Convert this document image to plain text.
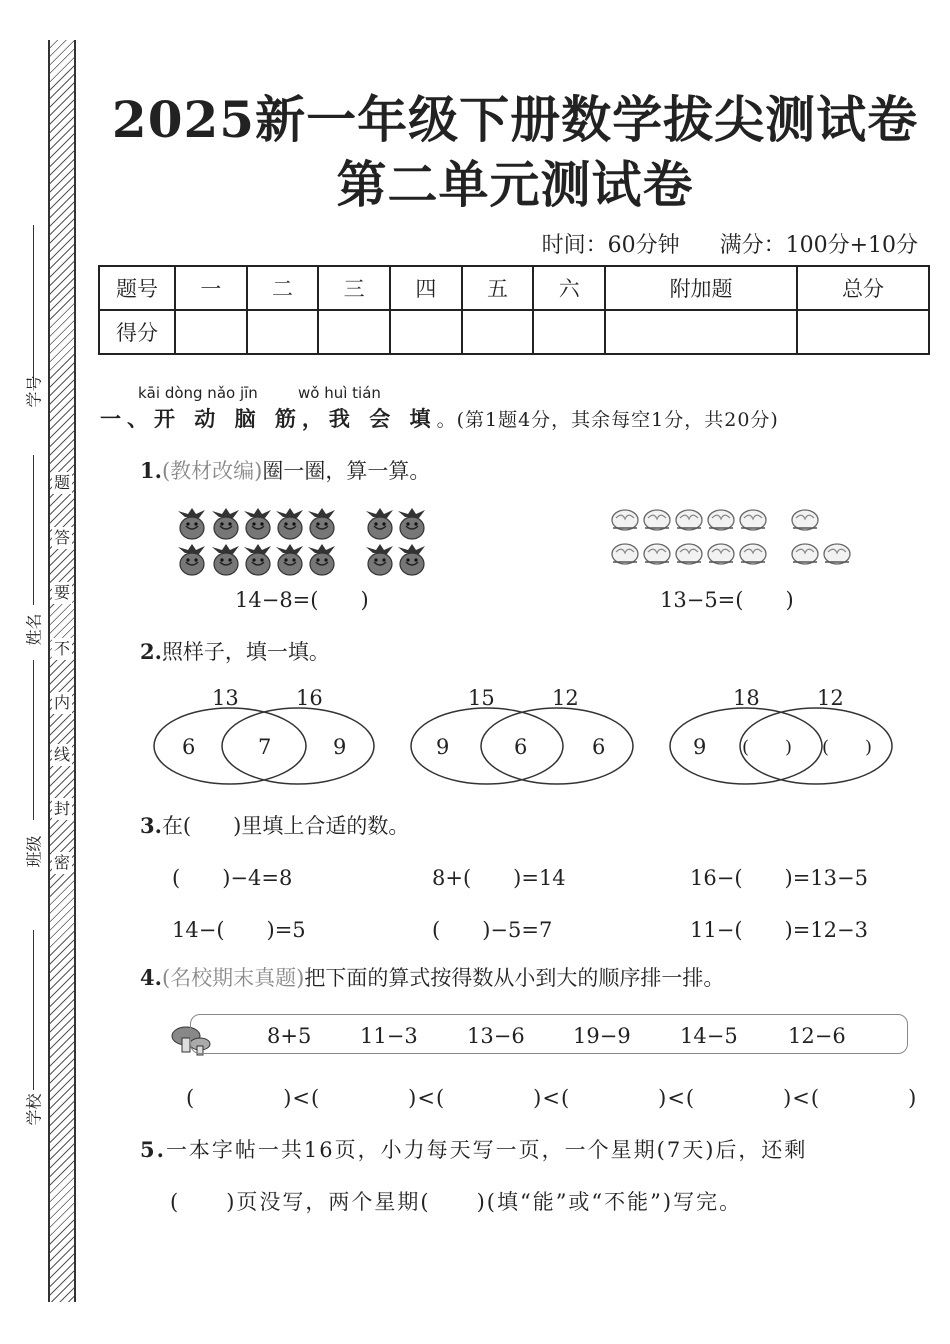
学号
姓名
班级
学校
题
答
要
不
内
线
封
密
2025新一年级下册数学拔尖测试卷
第二单元测试卷
时间：60分钟 满分：100分+10分
题号	一	二	三	四	五	六	附加题	总分
得分								
kāi dòng nǎo jīn	wǒ huì tián
一、开 动 脑 筋，我 会 填。(第1题4分，其余每空1分，共20分)
1.(教材改编)圈一圈，算一算。
14−8=(　　)	13−5=(　　)
2.照样子，填一填。
13	16
6	7	9
15	12
9	6	6
18	12
9 (　　) (　　)
3.在(　　)里填上合适的数。
(　　)−4=8	8+(　　)=14	16−(　　)=13−5
14−(　　)=5	(　　)−5=7	11−(　　)=12−3
4.(名校期末真题)把下面的算式按得数从小到大的顺序排一排。
8+5 11−3 13−6 19−9 14−5 12−6
(　　　　)<(　　　　)<(　　　　)<(　　　　)<(　　　　)<(　　　　)
5.一本字帖一共16页，小力每天写一页，一个星期(7天)后，还剩
(　　)页没写，两个星期(　　)(填“能”或“不能”)写完。
